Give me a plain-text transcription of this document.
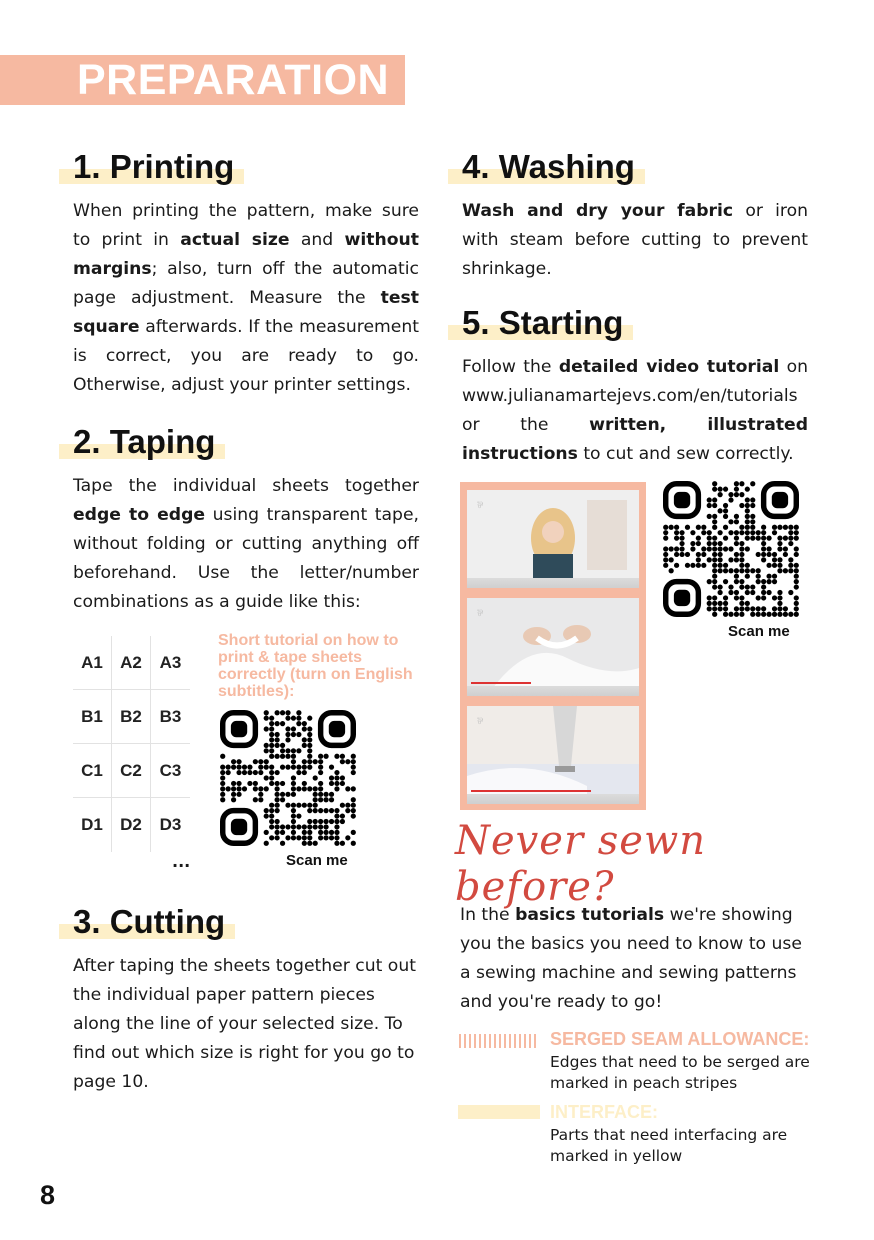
PREPARATION
1. Printing

When printing the pattern, make sure to print in actual size and without margins; also, turn off the automatic page adjustment. Measure the test square afterwards. If the measurement is correct, you are ready to go. Otherwise, adjust your printer settings.

2. Taping

Tape the individual sheets together edge to edge using transparent tape, without folding or cutting anything off beforehand. Use the letter/number combinations as a guide like this:

A1	A2	A3
B1	B2	B3
C1	C2	C3
D1	D2	D3
...
Short tutorial on how to print & tape sheets correctly (turn on English subtitles):
Scan me
3. Cutting

After taping the sheets together cut out the individual paper pattern pieces along the line of your selected size. To find out which size is right for you go to page 10.

4. Washing

Wash and dry your fabric or iron with steam before cutting to prevent shrinkage.

5. Starting

Follow the detailed video tutorial on www.julianamartejevs.com/en/tutorials or the written, illustrated instructions to cut and sew correctly.

⅌
⅌
⅌
Scan me
Never sewn before?

In the basics tutorials we're showing you the basics you need to know to use a sewing machine and sewing patterns and you're ready to go!

SERGED SEAM ALLOWANCE:
Edges that need to be serged are marked in peach stripes
INTERFACE:
Parts that need interfacing are marked in yellow
8
